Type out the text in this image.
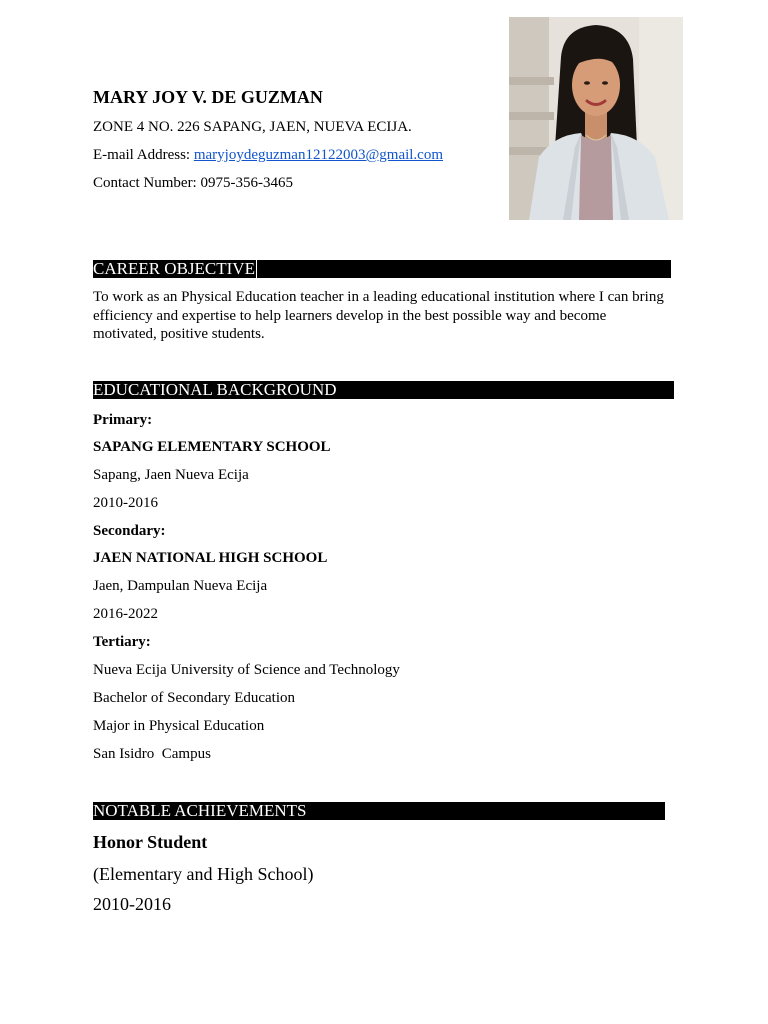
MARY JOY V. DE GUZMAN
ZONE 4 NO. 226 SAPANG, JAEN, NUEVA ECIJA.
E-mail Address: maryjoydeguzman12122003@gmail.com
Contact Number: 0975-356-3465
CAREER OBJECTIVE
To work as an Physical Education teacher in a leading educational institution where I can bring efficiency and expertise to help learners develop in the best possible way and become motivated, positive students.
EDUCATIONAL BACKGROUND
Primary:
SAPANG ELEMENTARY SCHOOL
Sapang, Jaen Nueva Ecija
2010-2016
Secondary:
JAEN NATIONAL HIGH SCHOOL
Jaen, Dampulan Nueva Ecija
2016-2022
Tertiary:
Nueva Ecija University of Science and Technology
Bachelor of Secondary Education
Major in Physical Education
San Isidro  Campus
NOTABLE ACHIEVEMENTS
Honor Student
(Elementary and High School)
2010-2016
